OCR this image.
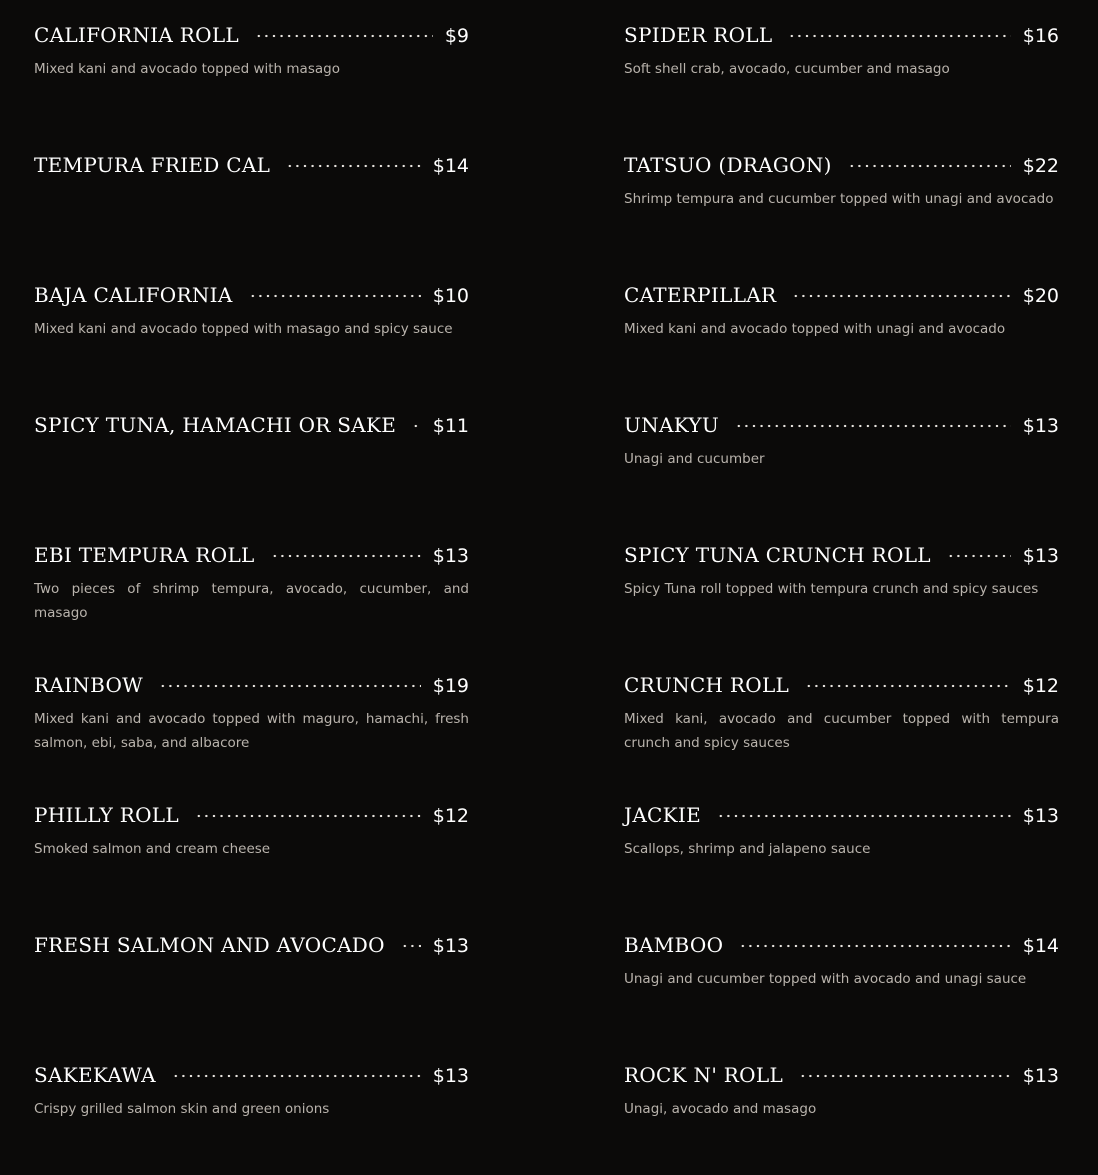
CALIFORNIA ROLL	$9
Mixed kani and avocado topped with masago
TEMPURA FRIED CAL	$14
BAJA CALIFORNIA	$10
Mixed kani and avocado topped with masago and spicy sauce
SPICY TUNA, HAMACHI OR SAKE $11
EBI TEMPURA ROLL	$13
Two pieces of shrimp tempura, avocado, cucumber, and masago
RAINBOW	$19
Mixed kani and avocado topped with maguro, hamachi, fresh salmon, ebi, saba, and albacore
PHILLY ROLL	$12
Smoked salmon and cream cheese
FRESH SALMON AND AVOCADO	$13
SAKEKAWA	$13
Crispy grilled salmon skin and green onions
SPIDER ROLL	$16
Soft shell crab, avocado, cucumber and masago
TATSUO (DRAGON)	$22
Shrimp tempura and cucumber topped with unagi and avocado
CATERPILLAR	$20
Mixed kani and avocado topped with unagi and avocado
UNAKYU	$13
Unagi and cucumber
SPICY TUNA CRUNCH ROLL	$13
Spicy Tuna roll topped with tempura crunch and spicy sauces
CRUNCH ROLL	$12
Mixed kani, avocado and cucumber topped with tempura crunch and spicy sauces
JACKIE	$13
Scallops, shrimp and jalapeno sauce
BAMBOO	$14
Unagi and cucumber topped with avocado and unagi sauce
ROCK N' ROLL	$13
Unagi, avocado and masago
